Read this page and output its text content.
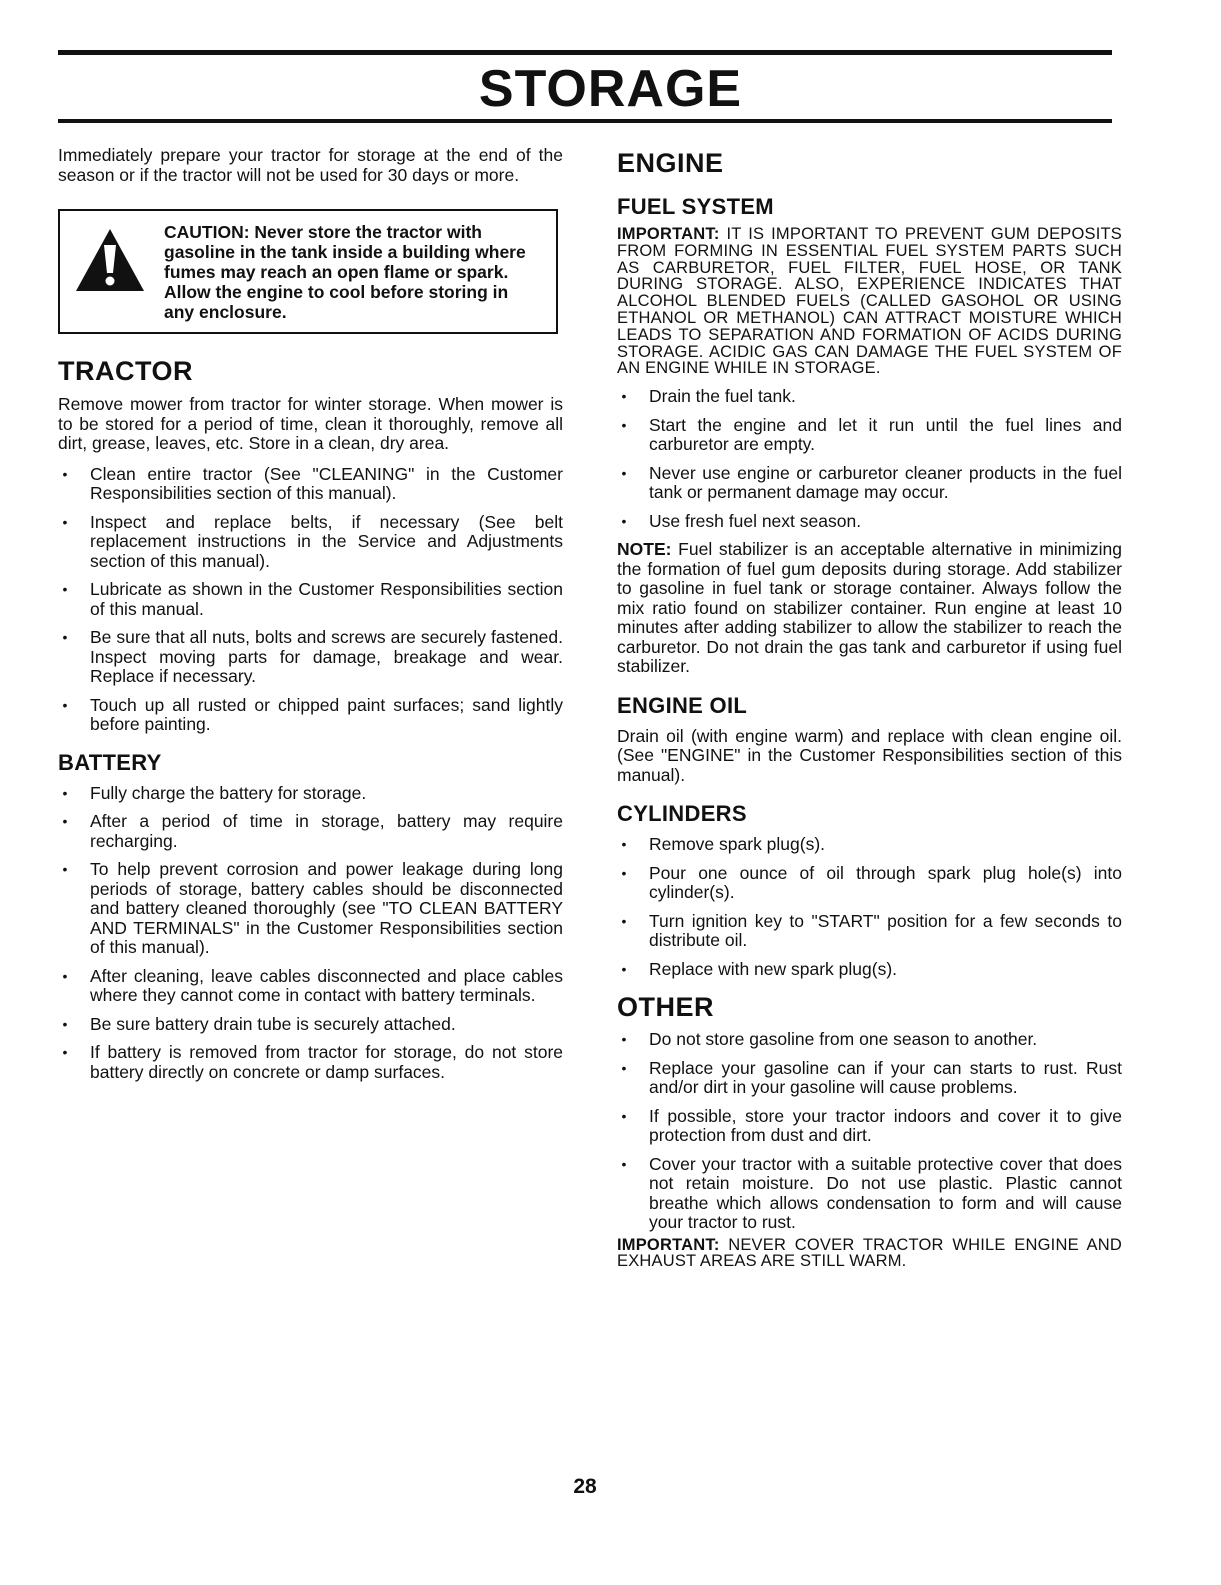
STORAGE

Immediately prepare your tractor for storage at the end of the season or if the tractor will not be used for 30 days or more.

CAUTION: Never store the tractor with gasoline in the tank inside a building where fumes may reach an open flame or spark. Allow the engine to cool before storing in any enclosure.

TRACTOR

Remove mower from tractor for winter storage. When mower is to be stored for a period of time, clean it thoroughly, remove all dirt, grease, leaves, etc. Store in a clean, dry area.

• Clean entire tractor (See "CLEANING" in the Customer Responsibilities section of this manual).
• Inspect and replace belts, if necessary (See belt replacement instructions in the Service and Adjustments section of this manual).
• Lubricate as shown in the Customer Responsibilities section of this manual.
• Be sure that all nuts, bolts and screws are securely fastened. Inspect moving parts for damage, breakage and wear. Replace if necessary.
• Touch up all rusted or chipped paint surfaces; sand lightly before painting.
BATTERY
• Fully charge the battery for storage.
• After a period of time in storage, battery may require recharging.
• To help prevent corrosion and power leakage during long periods of storage, battery cables should be disconnected and battery cleaned thoroughly (see "TO CLEAN BATTERY AND TERMINALS" in the Customer Responsibilities section of this manual).
• After cleaning, leave cables disconnected and place cables where they cannot come in contact with battery terminals.
• Be sure battery drain tube is securely attached.
• If battery is removed from tractor for storage, do not store battery directly on concrete or damp surfaces.
ENGINE
FUEL SYSTEM

IMPORTANT: IT IS IMPORTANT TO PREVENT GUM DEPOSITS FROM FORMING IN ESSENTIAL FUEL SYSTEM PARTS SUCH AS CARBURETOR, FUEL FILTER, FUEL HOSE, OR TANK DURING STORAGE. ALSO, EXPERIENCE INDICATES THAT ALCOHOL BLENDED FUELS (CALLED GASOHOL OR USING ETHANOL OR METHANOL) CAN ATTRACT MOISTURE WHICH LEADS TO SEPARATION AND FORMATION OF ACIDS DURING STORAGE. ACIDIC GAS CAN DAMAGE THE FUEL SYSTEM OF AN ENGINE WHILE IN STORAGE.

• Drain the fuel tank.
• Start the engine and let it run until the fuel lines and carburetor are empty.
• Never use engine or carburetor cleaner products in the fuel tank or permanent damage may occur.
• Use fresh fuel next season.

NOTE: Fuel stabilizer is an acceptable alternative in minimizing the formation of fuel gum deposits during storage. Add stabilizer to gasoline in fuel tank or storage container. Always follow the mix ratio found on stabilizer container. Run engine at least 10 minutes after adding stabilizer to allow the stabilizer to reach the carburetor. Do not drain the gas tank and carburetor if using fuel stabilizer.

ENGINE OIL

Drain oil (with engine warm) and replace with clean engine oil. (See "ENGINE" in the Customer Responsibilities section of this manual).

CYLINDERS
• Remove spark plug(s).
• Pour one ounce of oil through spark plug hole(s) into cylinder(s).
• Turn ignition key to "START" position for a few seconds to distribute oil.
• Replace with new spark plug(s).
OTHER
• Do not store gasoline from one season to another.
• Replace your gasoline can if your can starts to rust. Rust and/or dirt in your gasoline will cause problems.
• If possible, store your tractor indoors and cover it to give protection from dust and dirt.
• Cover your tractor with a suitable protective cover that does not retain moisture. Do not use plastic. Plastic cannot breathe which allows condensation to form and will cause your tractor to rust.

IMPORTANT: NEVER COVER TRACTOR WHILE ENGINE AND EXHAUST AREAS ARE STILL WARM.

28
